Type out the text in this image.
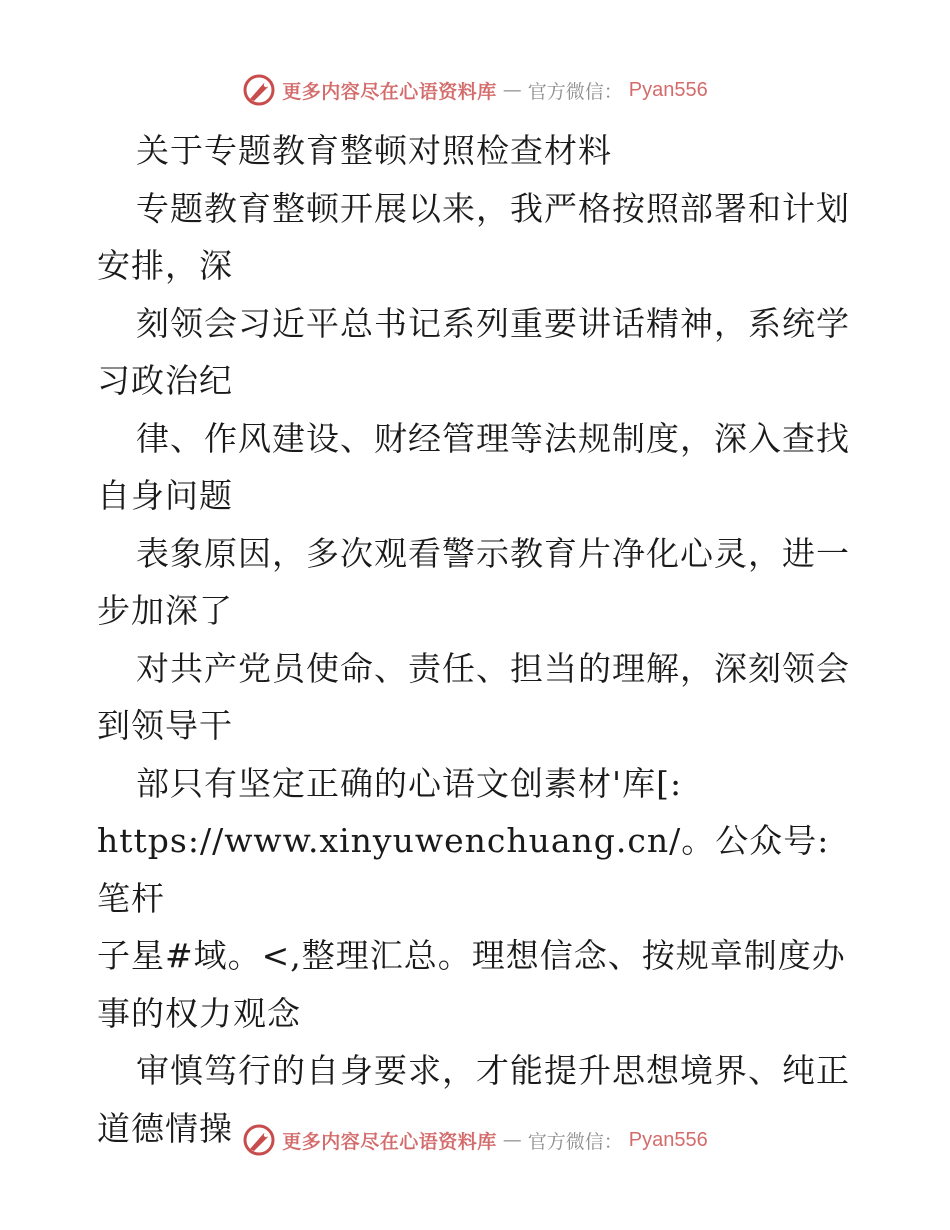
更多内容尽在心语资料库 — 官方微信： Pyan556

关于专题教育整顿对照检查材料

专题教育整顿开展以来，我严格按照部署和计划

安排，深

刻领会习近平总书记系列重要讲话精神，系统学

习政治纪

律、作风建设、财经管理等法规制度，深入查找

自身问题

表象原因，多次观看警示教育片净化心灵，进一

步加深了

对共产党员使命、责任、担当的理解，深刻领会

到领导干

部只有坚定正确的心语文创素材'库[:

https://www.xinyuwenchuang.cn/。公众号: 笔杆

子星#域。<,整理汇总。理想信念、按规章制度办

事的权力观念

审慎笃行的自身要求，才能提升思想境界、纯正

道德情操	更多内容尽在心语资料库 — 官方微信： Pyan556
